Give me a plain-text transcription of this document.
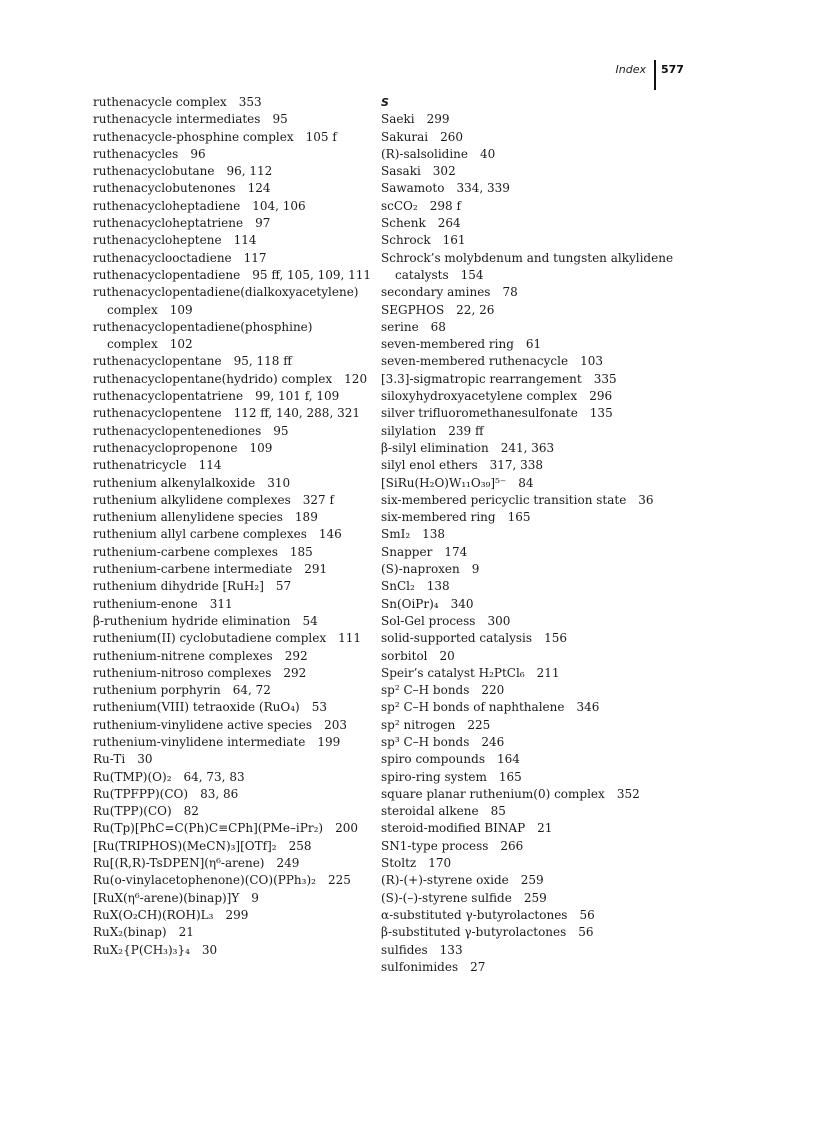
Index 577

ruthenacycle complex 353

ruthenacycle intermediates 95

ruthenacycle-phosphine complex 105 f

ruthenacycles 96

ruthenacyclobutane 96, 112

ruthenacyclobutenones 124

ruthenacycloheptadiene 104, 106

ruthenacycloheptatriene 97

ruthenacycloheptene 114

ruthenacyclooctadiene 117

ruthenacyclopentadiene 95 ff, 105, 109, 111

ruthenacyclopentadiene(dialkoxyacetylene) complex 109

ruthenacyclopentadiene(phosphine) complex 102

ruthenacyclopentane 95, 118 ff

ruthenacyclopentane(hydrido) complex 120

ruthenacyclopentatriene 99, 101 f, 109

ruthenacyclopentene 112 ff, 140, 288, 321

ruthenacyclopentenediones 95

ruthenacyclopropenone 109

ruthenatricycle 114

ruthenium alkenylalkoxide 310

ruthenium alkylidene complexes 327 f

ruthenium allenylidene species 189

ruthenium allyl carbene complexes 146

ruthenium-carbene complexes 185

ruthenium-carbene intermediate 291

ruthenium dihydride [RuH₂] 57

ruthenium-enone 311

β-ruthenium hydride elimination 54

ruthenium(II) cyclobutadiene complex 111

ruthenium-nitrene complexes 292

ruthenium-nitroso complexes 292

ruthenium porphyrin 64, 72

ruthenium(VIII) tetraoxide (RuO₄) 53

ruthenium-vinylidene active species 203

ruthenium-vinylidene intermediate 199

Ru-Ti 30

Ru(TMP)(O)₂ 64, 73, 83

Ru(TPFPP)(CO) 83, 86

Ru(TPP)(CO) 82

Ru(Tp)[PhC=C(Ph)C≡CPh](PMe–iPr₂) 200

[Ru(TRIPHOS)(MeCN)₃][OTf]₂ 258

Ru[(R,R)-TsDPEN](η⁶-arene) 249

Ru(o-vinylacetophenone)(CO)(PPh₃)₂ 225

[RuX(η⁶-arene)(binap)]Y 9

RuX(O₂CH)(ROH)L₃ 299

RuX₂(binap) 21

RuX₂{P(CH₃)₃}₄ 30

S

Saeki 299

Sakurai 260

(R)-salsolidine 40

Sasaki 302

Sawamoto 334, 339

scCO₂ 298 f

Schenk 264

Schrock 161

Schrock’s molybdenum and tungsten alkylidene catalysts 154

secondary amines 78

SEGPHOS 22, 26

serine 68

seven-membered ring 61

seven-membered ruthenacycle 103

[3.3]-sigmatropic rearrangement 335

siloxyhydroxyacetylene complex 296

silver trifluoromethanesulfonate 135

silylation 239 ff

β-silyl elimination 241, 363

silyl enol ethers 317, 338

[SiRu(H₂O)W₁₁O₃₉]⁵⁻ 84

six-membered pericyclic transition state 36

six-membered ring 165

SmI₂ 138

Snapper 174

(S)-naproxen 9

SnCl₂ 138

Sn(OiPr)₄ 340

Sol-Gel process 300

solid-supported catalysis 156

sorbitol 20

Speir’s catalyst H₂PtCl₆ 211

sp² C–H bonds 220

sp² C–H bonds of naphthalene 346

sp² nitrogen 225

sp³ C–H bonds 246

spiro compounds 164

spiro-ring system 165

square planar ruthenium(0) complex 352

steroidal alkene 85

steroid-modified BINAP 21

SN1-type process 266

Stoltz 170

(R)-(+)-styrene oxide 259

(S)-(–)-styrene sulfide 259

α-substituted γ-butyrolactones 56

β-substituted γ-butyrolactones 56

sulfides 133

sulfonimides 27
